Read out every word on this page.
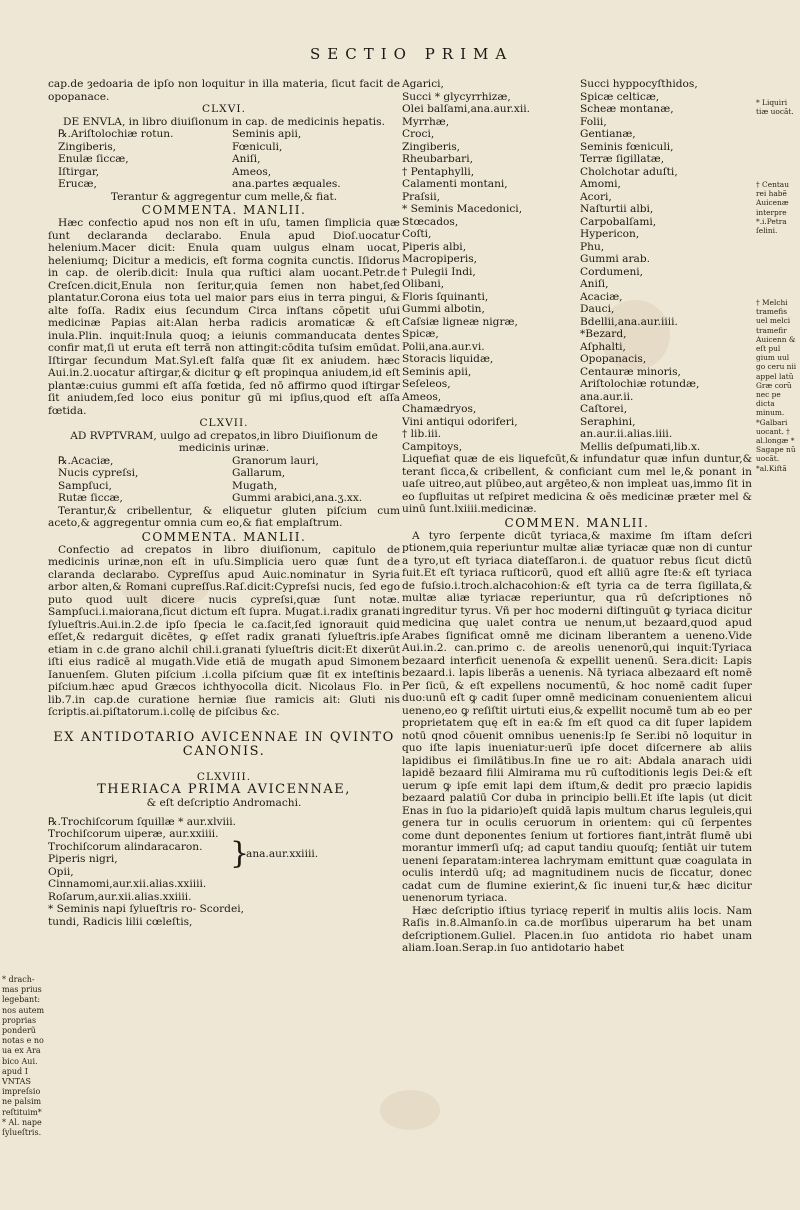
SECTIO PRIMA

cap.de ȝedoaria de ipſo non loquitur in illa materia, ſicut facit de opopanace.

CLXVI.

DE ENVLA, in libro diuiſionum in cap. de medicinis hepatis.

℞.Ariſtolochiæ rotun.	Seminis apii,

Zingiberis,	Fœniculi,

Enulæ ſiccæ,	Aniſi,

Iſtirgar,	Ameos,

Erucæ,	ana.partes æquales.

Terantur & aggregentur cum melle,& fiat.

COMMENTA. MANLII.

Hæc confectio apud nos non eſt in uſu, tamen ſimplicia quæ ſunt declaranda declarabo. Enula apud Dioſ.uocatur helenium.Macer dicit: Enula quam uulgus elnam uocat, heleniumq; Dicitur a medicis, eſt forma cognita cunctis. Iſidorus in cap. de olerib.dicit: Inula qua ruſtici alam uocant.Petr.de Creſcen.dicit,Enula non ſeritur,quia ſemen non habet,ſed plantatur.Corona eius tota uel maior pars eius in terra pingui, & alte foſſa. Radix eius ſecundum Circa inſtans cōpetit uſui medicinæ Papias ait:Alan herba radicis aromaticæ & eſt inula.Plin. inquit:Inula quoq; a ieiunis commanducata dentes confir mat,ſi ut eruta eſt terrā non attingit:cōdita tuſsim emūdat. Iſtirgar ſecundum Mat.Syl.eſt falſa quæ ſit ex aniudem. hæc Aui.in.2.uocatur aſtirgar,& dicitur ꝙ eſt propinqua aniudem,id eſt plantæ:cuius gummi eſt aſſa fœtida, ſed nō affirmo quod iſtirgar ſit aniudem,ſed loco eius ponitur gū mi ipſius,quod eſt aſſa fœtida.

CLXVII.

AD RVPTVRAM, uulgo ad crepatos,in libro Diuiſionum de medicinis urinæ.

℞.Acaciæ,	Granorum lauri,

Nucis cypreſsi,	Gallarum,

Sampſuci,	Mugath,

Rutæ ſiccæ,	Gummi arabici,ana.ʒ.xx.

Terantur,& cribellentur, & eliquetur gluten piſcium cum aceto,& aggregentur omnia cum eo,& fiat emplaſtrum.

COMMENTA. MANLII.

Confectio ad crepatos in libro diuiſionum, capitulo de medicinis urinæ,non eſt in uſu.Simplicia uero quæ ſunt de claranda declarabo. Cypreſſus apud Auic.nominatur in Syria arbor alten,& Romani cupreſſus.Raſ.dicit:Cypreſsi nucis, ſed ego puto quod uult dicere nucis cypreſsi,quæ ſunt notæ. Sampſuci.i.maiorana,ſicut dictum eſt ſupra. Mugat.i.radix granati ſylueſtris.Aui.in.2.de ipſo ſpecia le ca.ſacit,ſed ignorauit quid eſſet,& redarguit dicētes, ꝙ eſſet radix granati ſylueſtris.ipſe etiam in c.de grano alchil chil.i.granati ſylueſtris dicit:Et dixerūt iſti eius radicē al mugath.Vide etiā de mugath apud Simonem Ianuenſem. Gluten piſcium .i.colla piſcium quæ ſit ex inteſtinis piſcium.hæc apud Græcos ichthyocolla dicit. Nicolaus Flo. in lib.7.in cap.de curatione herniæ ſiue ramicis ait: Gluti nis ſcriptis.ai.piſtatorum.i.collę de piſcibus &c.

EX ANTIDOTARIO AVICENNAE IN QVINTO CANONIS.

CLXVIII.

THERIACA PRIMA AVICENNAE,

& eſt deſcriptio Andromachi.

℞.Trochiſcorum ſquillæ * aur.xlviii.

Trochiſcorum uiperæ, aur.xxiiii.

Trochiſcorum alindaracaron.

Piperis nigri,

Opii,

Cinnamomi,aur.xii.alias.xxiiii.

Roſarum,aur.xii.alias.xxiiii.

* Seminis napi ſylueſtris ro- Scordei,

tundi, Radicis lilii cœleſtis,

}
ana.aur.xxiiii.
* drach- mas prius legebant: nos autem proprias ponderũ notas e no ua ex Ara bico Aui. apud I VNTAS impreſsio ne palsim reſtituim* * Al. nape ſylueſtris.

Agarici,	Succi hyppocyſthidos,

Succi * glycyrrhizæ,	Spicæ celticæ,

Olei balſami,ana.aur.xii.	Scheæ montanæ,

Myrrhæ,	Folii,

Croci,	Gentianæ,

Zingiberis,	Seminis fœniculi,

Rheubarbari,	Terræ ſigillatæ,

† Pentaphylli,	Cholchotar aduſti,

Calamenti montani,	Amomi,

Praſsii,	Acori,

* Seminis Macedonici,	Naſturtii albi,

Stœcados,	Carpobalſami,

Coſti,	Hypericon,

Piperis albi,	Phu,

Macropiperis,	Gummi arab.

† Pulegii Indi,	Cordumeni,

Olibani,	Aniſi,

Floris ſquinanti,	Acaciæ,

Gummi albotin,	Dauci,

Caſsiæ ligneæ nigræ,	Bdellii,ana.aur.iiii.

Spicæ,	*Bezard,

Polii,ana.aur.vi.	Aſphalti,

Storacis liquidæ,	Opopanacis,

Seminis apii,	Centauræ minoris,

Seſeleos,	Ariſtolochiæ rotundæ,

Ameos,	ana.aur.ii.

Chamædryos,	Caſtorei,

Vini antiqui odoriferi,	Seraphini,

† lib.iii.	an.aur.ii.alias.iiii.

Campitoys,	Mellis deſpumati,lib.x.

Liquefiat quæ de eis liquefcūt,& infundatur quæ infun duntur,& terant ſicca,& cribellent, & conficiant cum mel le,& ponant in uaſe uitreo,aut plūbeo,aut argēteo,& non impleat uas,immo ſit in eo ſupfluitas ut reſpiret medicina & oēs medicinæ præter mel & uinū ſunt.lxiiii.medicinæ.

COMMEN. MANLII.

A tyro ſerpente dicūt tyriaca,& maxime ſm iſtam deſcri ptionem,quia reperiuntur multæ aliæ tyriacæ quæ non di cuntur a tyro,ut eſt tyriaca diateſſaron.i. de quatuor rebus ſicut dictū fuit.Et eſt tyriaca ruſticorū, quod eſt alliū agre ſte:& eſt tyriaca de fuſsio.i.troch.alchacohion:& eſt tyria ca de terra ſigillata,& multæ aliæ tyriacæ reperiuntur, qua rū deſcriptiones nō ingreditur tyrus. Vñ per hoc moderni diſtinguūt ꝙ tyriaca dicitur medicina quę ualet contra ue nenum,ut bezaard,quod apud Arabes ſignificat omnē me dicinam liberantem a ueneno.Vide Aui.in.2. can.primo c. de areolis uenenorū,qui inquit:Tyriaca bezaard interficit uenenoſa & expellit uenenū. Sera.dicit: Lapis bezaard.i. lapis liberās a uenenis. Nā tyriaca albezaard eſt nomē Per ſicū, & eſt expellens nocumentū, & hoc nomē cadit ſuper duo:unū eſt ꝙ cadit ſuper omnē medicinam conuenientem alicui ueneno,eo ꝙ reſiſtit uirtuti eius,& expellit nocumē tum ab eo per proprietatem quę eſt in ea:& ſm eſt quod ca dit ſuper lapidem notū qnod cōuenit omnibus uenenis:Ip ſe Ser.ibi nō loquitur in quo iſte lapis inueniatur:uerū ipſe docet diſcernere ab aliis lapidibus ei ſimilātibus.In fine ue ro ait: Abdala anarach uidi lapidē bezaard filii Almirama mu rū cuſtoditionis legis Dei:& eſt uerum ꝙ ipſe emit lapi dem iſtum,& dedit pro præcio lapidis bezaard palatiū Cor duba in principio belli.Et iſte lapis (ut dicit Enas in ſuo la pidario)eſt quidā lapis multum charus leguleis,qui genera tur in oculis ceruorum in orientem: qui cū ſerpentes come dunt deponentes ſenium ut fortiores fiant,intrāt flumē ubi morantur immerſi uſq; ad caput tandiu quouſq; ſentiāt uir tutem ueneni ſeparatam:interea lachrymam emittunt quæ coagulata in oculis interdū uſq; ad magnitudinem nucis de ſiccatur, donec cadat cum de flumine exierint,& ſic inueni tur,& hæc dicitur uenenorum tyriaca.

Hæc deſcriptio iſtius tyriacę reperiť in multis aliis locis. Nam Raſis in.8.Almanſo.in ca.de morſibus uiperarum ha bet unam deſcriptionem.Guliel. Placen.in ſuo antidota rio habet unam aliam.Ioan.Serap.in ſuo antidotario habet

* Liquiri tiæ uocãt.
† Centau rei habẽ Auicenæ interpre *.i.Petra ſelini.
† Melchi tramefis uel melci tramefir Auicenn & eſt pul gium uul go ceru nii appel latũ Græ corũ nec pe dicta minum. *Galbari uocant. † al.longæ * Sagape nũ uocãt. *al.Kiſtã
